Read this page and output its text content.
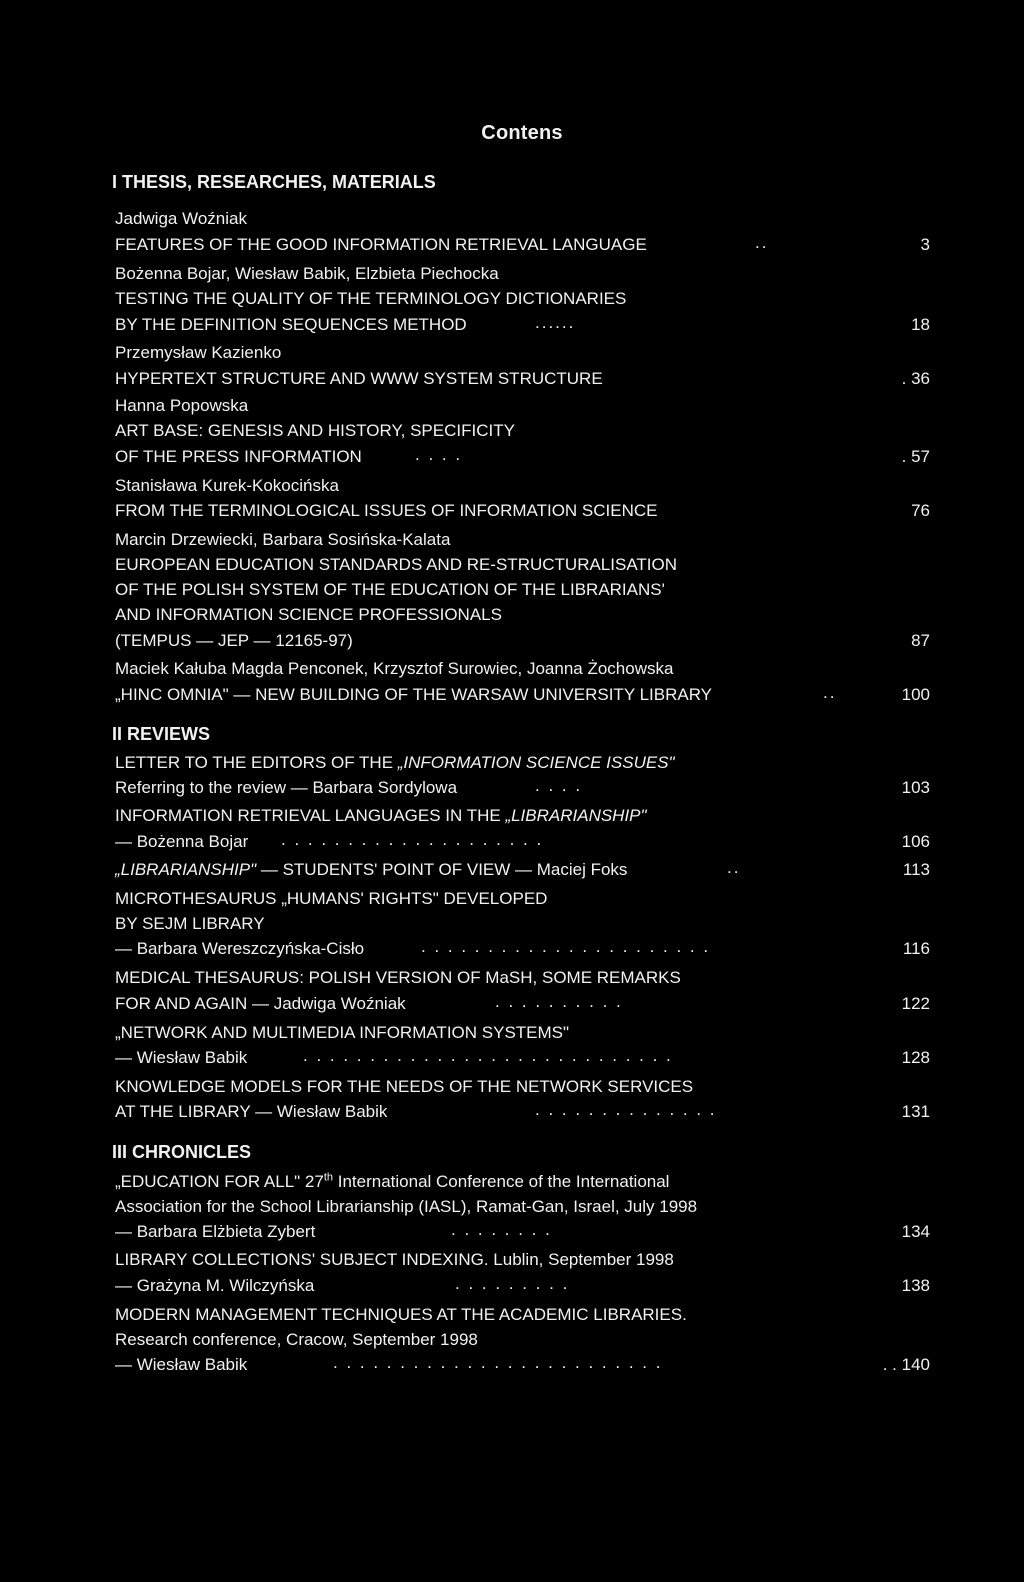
Contens
I THESIS, RESEARCHES, MATERIALS
Jadwiga Woźniak
FEATURES OF THE GOOD INFORMATION RETRIEVAL LANGUAGE	..	3
Bożenna Bojar, Wiesław Babik, Elzbieta Piechocka
TESTING THE QUALITY OF THE TERMINOLOGY DICTIONARIES
BY THE DEFINITION SEQUENCES METHOD	......	18
Przemysław Kazienko
HYPERTEXT STRUCTURE AND WWW SYSTEM STRUCTURE	. 36
Hanna Popowska
ART BASE: GENESIS AND HISTORY, SPECIFICITY
OF THE PRESS INFORMATION	. . . .	. 57
Stanisława Kurek-Kokocińska
FROM THE TERMINOLOGICAL ISSUES OF INFORMATION SCIENCE	76
Marcin Drzewiecki, Barbara Sosińska-Kalata
EUROPEAN EDUCATION STANDARDS AND RE-STRUCTURALISATION
OF THE POLISH SYSTEM OF THE EDUCATION OF THE LIBRARIANS'
AND INFORMATION SCIENCE PROFESSIONALS
(TEMPUS — JEP — 12165-97)	87
Maciek Kałuba Magda Penconek, Krzysztof Surowiec, Joanna Żochowska
„HINC OMNIA" — NEW BUILDING OF THE WARSAW UNIVERSITY LIBRARY	..	100
II REVIEWS
LETTER TO THE EDITORS OF THE „INFORMATION SCIENCE ISSUES"
Referring to the review — Barbara Sordylowa	. . . .	103
INFORMATION RETRIEVAL LANGUAGES IN THE „LIBRARIANSHIP"
— Bożenna Bojar . . . . . . . . . . . . . . . . . . . .	106
„LIBRARIANSHIP" — STUDENTS' POINT OF VIEW — Maciej Foks	..	113
MICROTHESAURUS „HUMANS' RIGHTS" DEVELOPED
BY SEJM LIBRARY
— Barbara Wereszczyńska-Cisło	. . . . . . . . . . . . . . . . . . . . . .	116
MEDICAL THESAURUS: POLISH VERSION OF MaSH, SOME REMARKS
FOR AND AGAIN — Jadwiga Woźniak	. . . . . . . . . .	122
„NETWORK AND MULTIMEDIA INFORMATION SYSTEMS"
— Wiesław Babik	. . . . . . . . . . . . . . . . . . . . . . . . . . . .	128
KNOWLEDGE MODELS FOR THE NEEDS OF THE NETWORK SERVICES
AT THE LIBRARY — Wiesław Babik	. . . . . . . . . . . . . .	131
III CHRONICLES
„EDUCATION FOR ALL" 27th International Conference of the International
Association for the School Librarianship (IASL), Ramat-Gan, Israel, July 1998
— Barbara Elżbieta Zybert	. . . . . . . .	134
LIBRARY COLLECTIONS' SUBJECT INDEXING. Lublin, September 1998
— Grażyna M. Wilczyńska	. . . . . . . . .	138
MODERN MANAGEMENT TECHNIQUES AT THE ACADEMIC LIBRARIES.
Research conference, Cracow, September 1998
— Wiesław Babik	. . . . . . . . . . . . . . . . . . . . . . . . .	. . 140
